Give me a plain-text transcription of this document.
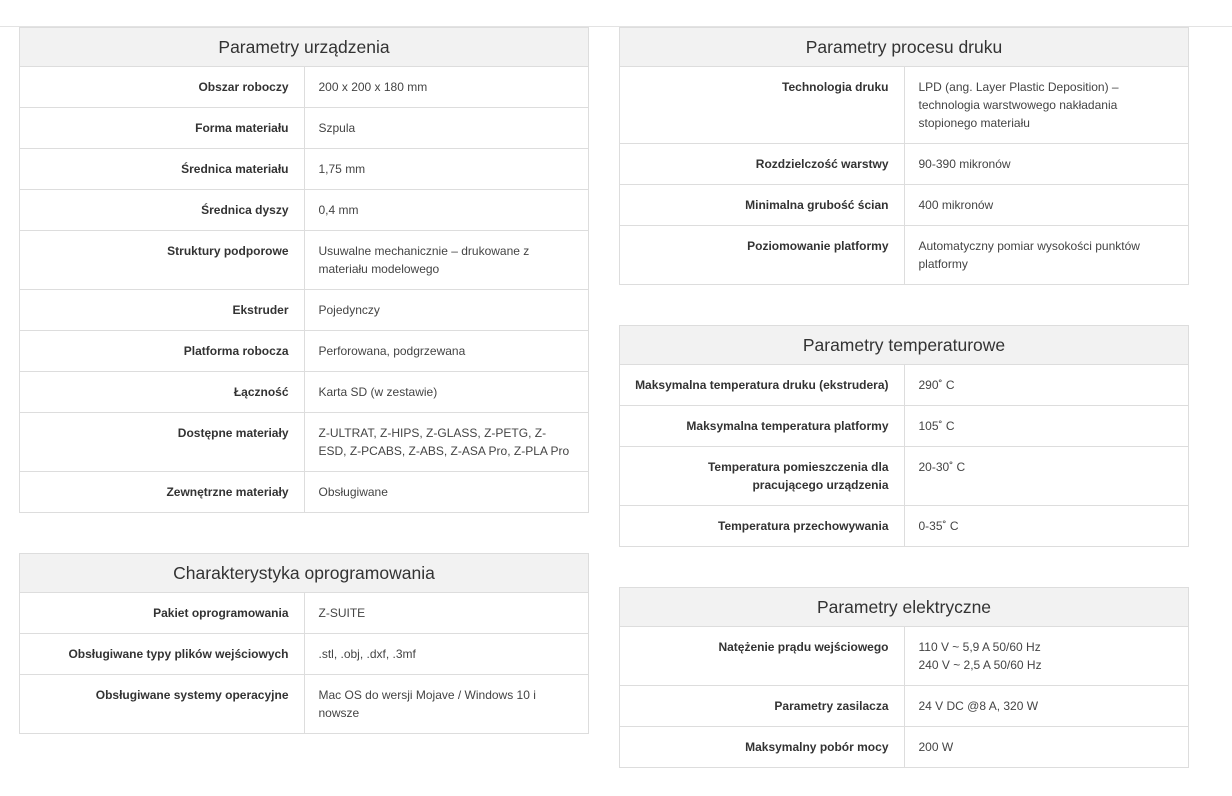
Parametry urządzenia	
Obszar roboczy	200 x 200 x 180 mm
Forma materiału	Szpula
Średnica materiału	1,75 mm
Średnica dyszy	0,4 mm
Struktury podporowe	Usuwalne mechanicznie – drukowane z materiału modelowego
Ekstruder	Pojedynczy
Platforma robocza	Perforowana, podgrzewana
Łączność	Karta SD (w zestawie)
Dostępne materiały	Z-ULTRAT, Z-HIPS, Z-GLASS, Z-PETG, Z-ESD, Z-PCABS, Z-ABS, Z-ASA Pro, Z-PLA Pro
Zewnętrzne materiały	Obsługiwane
Charakterystyka oprogramowania	
Pakiet oprogramowania	Z-SUITE
Obsługiwane typy plików wejściowych	.stl, .obj, .dxf, .3mf
Obsługiwane systemy operacyjne	Mac OS do wersji Mojave / Windows 10 i nowsze
Parametry procesu druku	
Technologia druku	LPD (ang. Layer Plastic Deposition) – technologia warstwowego nakładania stopionego materiału
Rozdzielczość warstwy	90-390 mikronów
Minimalna grubość ścian	400 mikronów
Poziomowanie platformy	Automatyczny pomiar wysokości punktów platformy
Parametry temperaturowe	
Maksymalna temperatura druku (ekstrudera)	290˚ C
Maksymalna temperatura platformy	105˚ C
Temperatura pomieszczenia dla pracującego urządzenia	20-30˚ C
Temperatura przechowywania	0-35˚ C
Parametry elektryczne	
Natężenie prądu wejściowego	110 V ~ 5,9 A 50/60 Hz
240 V ~ 2,5 A 50/60 Hz

Parametry zasilacza	24 V DC @8 A, 320 W
Maksymalny pobór mocy	200 W
